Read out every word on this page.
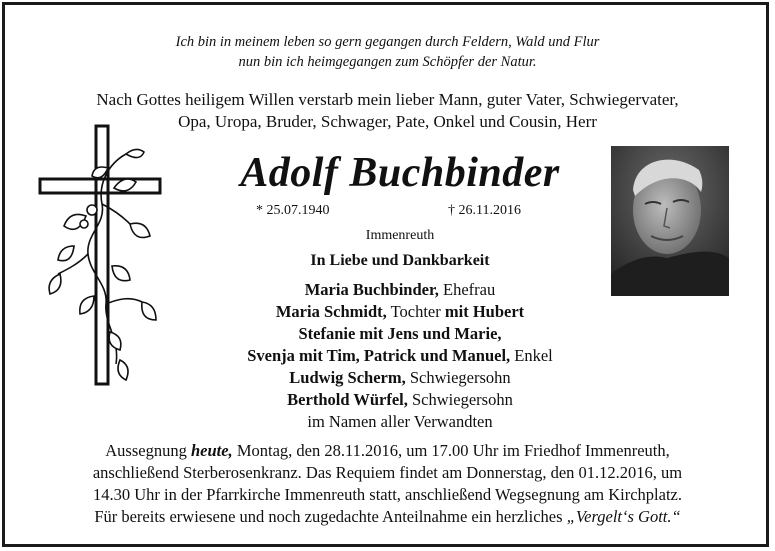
Ich bin in meinem leben so gern gegangen durch Feldern, Wald und Flur
nun bin ich heimgegangen zum Schöpfer der Natur.
Nach Gottes heiligem Willen verstarb mein lieber Mann, guter Vater, Schwiegervater,
Opa, Uropa, Bruder, Schwager, Pate, Onkel und Cousin, Herr
Adolf Buchbinder
* 25.07.1940	† 26.11.2016
Immenreuth
In Liebe und Dankbarkeit
Maria Buchbinder, Ehefrau
Maria Schmidt, Tochter mit Hubert
Stefanie mit Jens und Marie,
Svenja mit Tim, Patrick und Manuel, Enkel
Ludwig Scherm, Schwiegersohn
Berthold Würfel, Schwiegersohn
im Namen aller Verwandten
Aussegnung heute, Montag, den 28.11.2016, um 17.00 Uhr im Friedhof Immenreuth,
anschließend Sterberosenkranz. Das Requiem findet am Donnerstag, den 01.12.2016, um
14.30 Uhr in der Pfarrkirche Immenreuth statt, anschließend Wegsegnung am Kirchplatz.
Für bereits erwiesene und noch zugedachte Anteilnahme ein herzliches „Vergelt‘s Gott.“
